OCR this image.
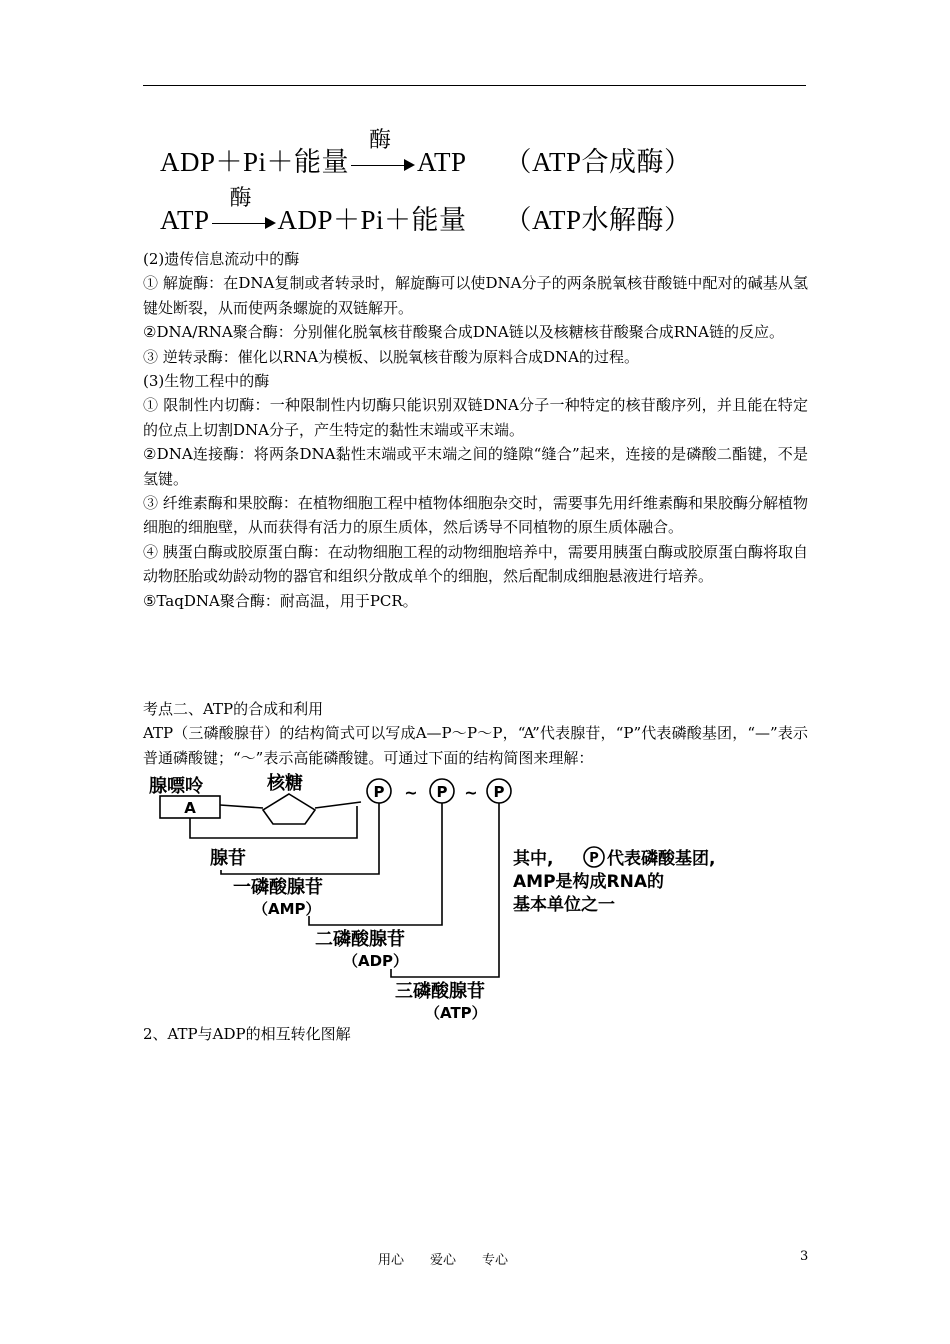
ADP＋Pi＋能量
酶
ATP （ATP合成酶）
ATP
酶
ADP＋Pi＋能量 （ATP水解酶）

(2)遗传信息流动中的酶

① 解旋酶：在DNA复制或者转录时，解旋酶可以使DNA分子的两条脱氧核苷酸链中配对的碱基从氢键处断裂，从而使两条螺旋的双链解开。

②DNA/RNA聚合酶：分别催化脱氧核苷酸聚合成DNA链以及核糖核苷酸聚合成RNA链的反应。

③ 逆转录酶：催化以RNA为模板、以脱氧核苷酸为原料合成DNA的过程。

(3)生物工程中的酶

① 限制性内切酶：一种限制性内切酶只能识别双链DNA分子一种特定的核苷酸序列，并且能在特定的位点上切割DNA分子，产生特定的黏性末端或平末端。

②DNA连接酶：将两条DNA黏性末端或平末端之间的缝隙“缝合”起来，连接的是磷酸二酯键，不是氢键。

③ 纤维素酶和果胶酶：在植物细胞工程中植物体细胞杂交时，需要事先用纤维素酶和果胶酶分解植物细胞的细胞壁，从而获得有活力的原生质体，然后诱导不同植物的原生质体融合。

④ 胰蛋白酶或胶原蛋白酶：在动物细胞工程的动物细胞培养中，需要用胰蛋白酶或胶原蛋白酶将取自动物胚胎或幼龄动物的器官和组织分散成单个的细胞，然后配制成细胞悬液进行培养。

⑤TaqDNA聚合酶：耐高温，用于PCR。

考点二、ATP的合成和利用

ATP（三磷酸腺苷）的结构简式可以写成A—P～P～P，“A”代表腺苷，“P”代表磷酸基团，“—”表示普通磷酸键；“～”表示高能磷酸键。可通过下面的结构简图来理解：

腺嘌呤
A
核糖	P ~ P ~ P
腺苷
一磷酸腺苷
（AMP）
二磷酸腺苷
（ADP）
三磷酸腺苷
（ATP）
其中,	P 代表磷酸基团,
AMP是构成RNA的
基本单位之一

2、ATP与ADP的相互转化图解

用心　　爱心　　专心	3
